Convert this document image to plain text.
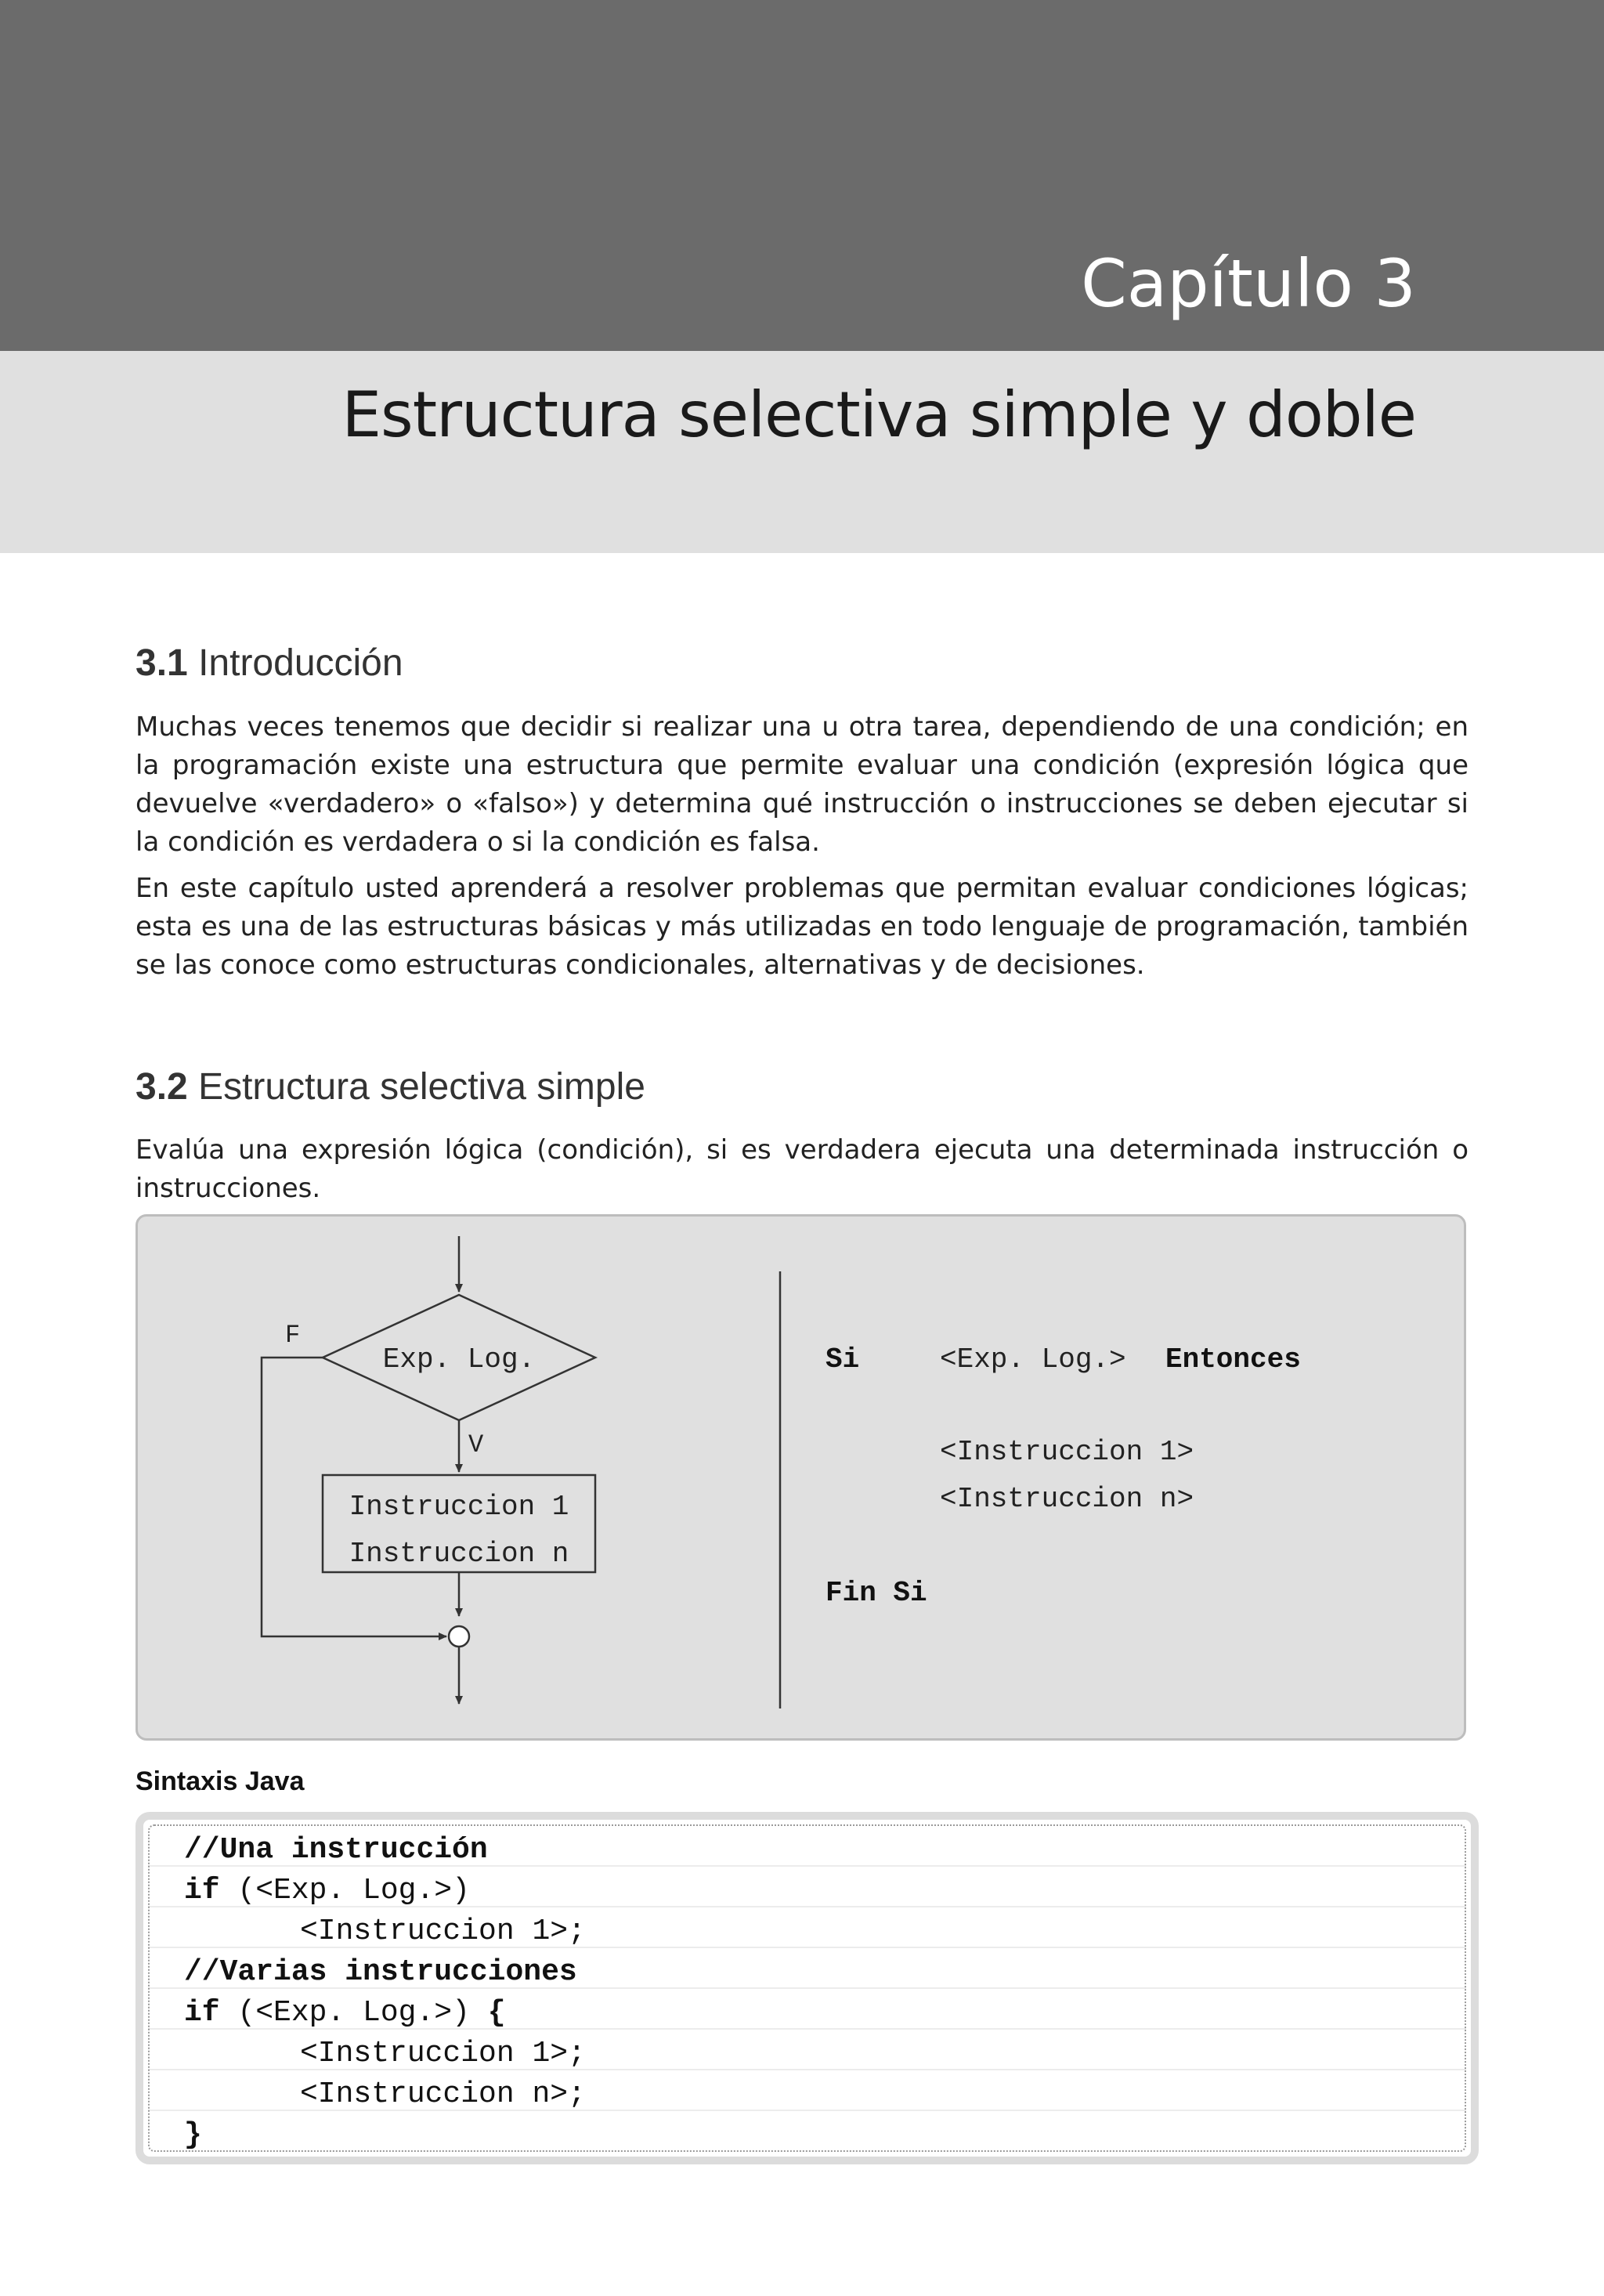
Capítulo 3
Estructura selectiva simple y doble
3.1 Introducción
Muchas veces tenemos que decidir si realizar una u otra tarea, dependiendo de una condición; en la programación existe una estructura que permite evaluar una condición (expresión lógica que devuelve «verdadero» o «falso») y determina qué instrucción o instrucciones se deben ejecutar si la condición es verdadera o si la condición es falsa.
En este capítulo usted aprenderá a resolver problemas que permitan evaluar condiciones lógicas; esta es una de las estructuras básicas y más utilizadas en todo lenguaje de programación, también se las conoce como estructuras condicionales, alternativas y de decisiones.
3.2 Estructura selectiva simple
Evalúa una expresión lógica (condición), si es verdadera ejecuta una determinada instrucción o instrucciones.
Exp. Log.
F
V
Instruccion 1
Instruccion n
Si	<Exp. Log.> Entonces
<Instruccion 1>
<Instruccion n>
Fin Si
Sintaxis Java
//Una instrucción
if (<Exp. Log.>)
<Instruccion 1>;
//Varias instrucciones
if (<Exp. Log.>) {
<Instruccion 1>;
<Instruccion n>;
}
